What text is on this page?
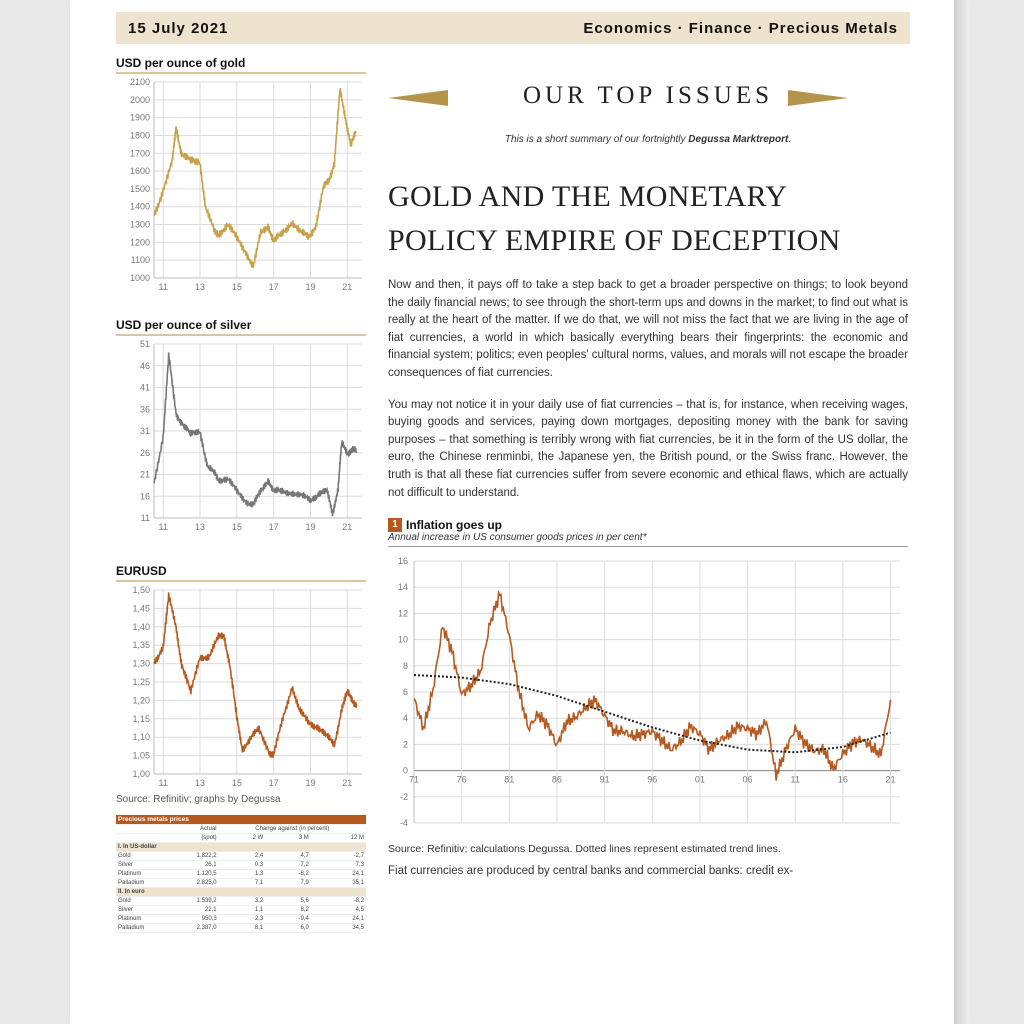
15 July 2021	Economics · Finance · Precious Metals
USD per ounce of gold
2100
2000
1900
1800
1700
1600
1500
1400
1300
1200
1100
1000
11	13	15	17	19	21
USD per ounce of silver
51
46
41
36
31
26
21
16
11
11	13	15	17	19	21
EURUSD
1,50
1,45
1,40
1,35
1,30
1,25
1,20
1,15
1,10
1,05
1,00
11	13	15	17	19	21
Source: Refinitiv; graphs by Degussa
Precious metals prices				
	Actual	Change against (in percent)		
	(spot)	2 W	3 M	12 M
I. In US-dollar				
Gold	1.822,2	2,4	4,7	-2,7
Silver	26,1	0,3	7,2	7,3
Platinum	1.120,5	1,3	-8,2	24,1
Palladium	2.825,0	7,1	7,9	35,1
II. In euro				
Gold	1.539,2	3,2	5,6	-8,2
Silver	22,1	1,1	8,2	4,5
Platinum	950,3	2,3	-9,4	24,1
Palladium	2.387,0	8,1	6,0	34,5
OUR TOP ISSUES
This is a short summary of our fortnightly Degussa Marktreport.
GOLD AND THE MONETARY
POLICY EMPIRE OF DECEPTION
Now and then, it pays off to take a step back to get a broader perspective on things; to look beyond the daily financial news; to see through the short-term ups and downs in the market; to find out what is really at the heart of the matter. If we do that, we will not miss the fact that we are living in the age of fiat currencies, a world in which basically everything bears their fingerprints: the economic and financial system; politics; even peoples' cultural norms, values, and morals will not escape the broader consequences of fiat currencies.
You may not notice it in your daily use of fiat currencies – that is, for instance, when receiving wages, buying goods and services, paying down mortgages, depositing money with the bank for saving purposes – that something is terribly wrong with fiat currencies, be it in the form of the US dollar, the euro, the Chinese renminbi, the Japanese yen, the British pound, or the Swiss franc. However, the truth is that all these fiat currencies suffer from severe economic and ethical flaws, which are actually not difficult to understand.
1 Inflation goes up
Annual increase in US consumer goods prices in per cent*
16
14
12
10
8
6
4
2
0
-2
-4
71	76	81	86	91	96	01	06	11	16	21
Source: Refinitiv; calculations Degussa. Dotted lines represent estimated trend lines.
Fiat currencies are produced by central banks and commercial banks: credit ex-
